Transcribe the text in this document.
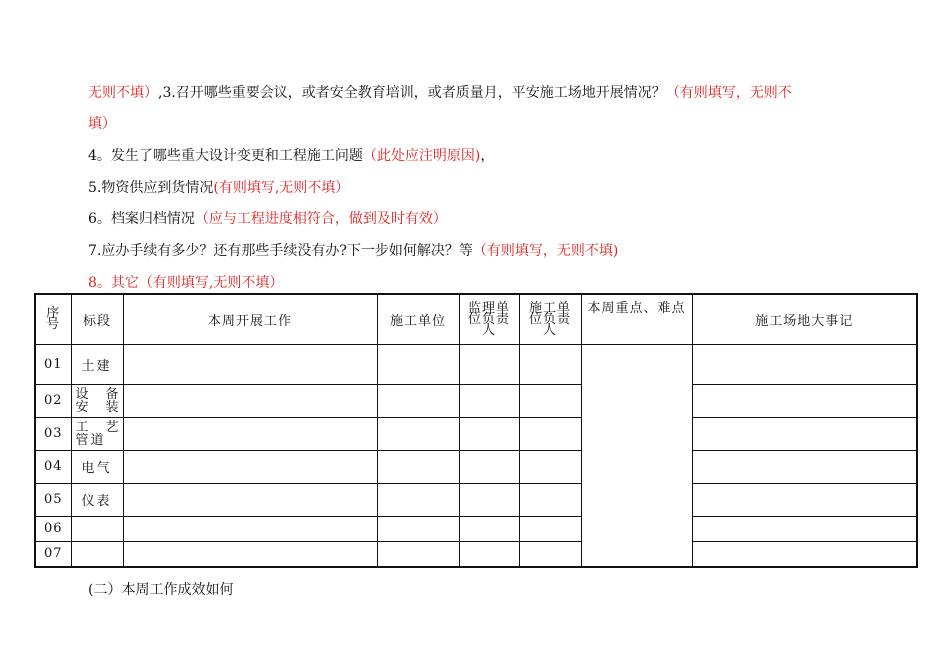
无则不填）,3.召开哪些重要会议，或者安全教育培训，或者质量月，平安施工场地开展情况？（有则填写，无则不
填）
4。发生了哪些重大设计变更和工程施工问题（此处应注明原因)，
5.物资供应到货情况(有则填写,无则不填）
6。档案归档情况（应与工程进度相符合，做到及时有效）
7.应办手续有多少？还有那些手续没有办?下一步如何解决？等（有则填写，无则不填)
8。其它（有则填写,无则不填）
序号	标段	本周开展工作	施工单位	监理单位负责人	施工单位负责人	本周重点、难点	施工场地大事记
01	土建						
02	设　备安　装						
03	工　艺管道						
04	电气						
05	仪表						
06							
07							
(二）本周工作成效如何
